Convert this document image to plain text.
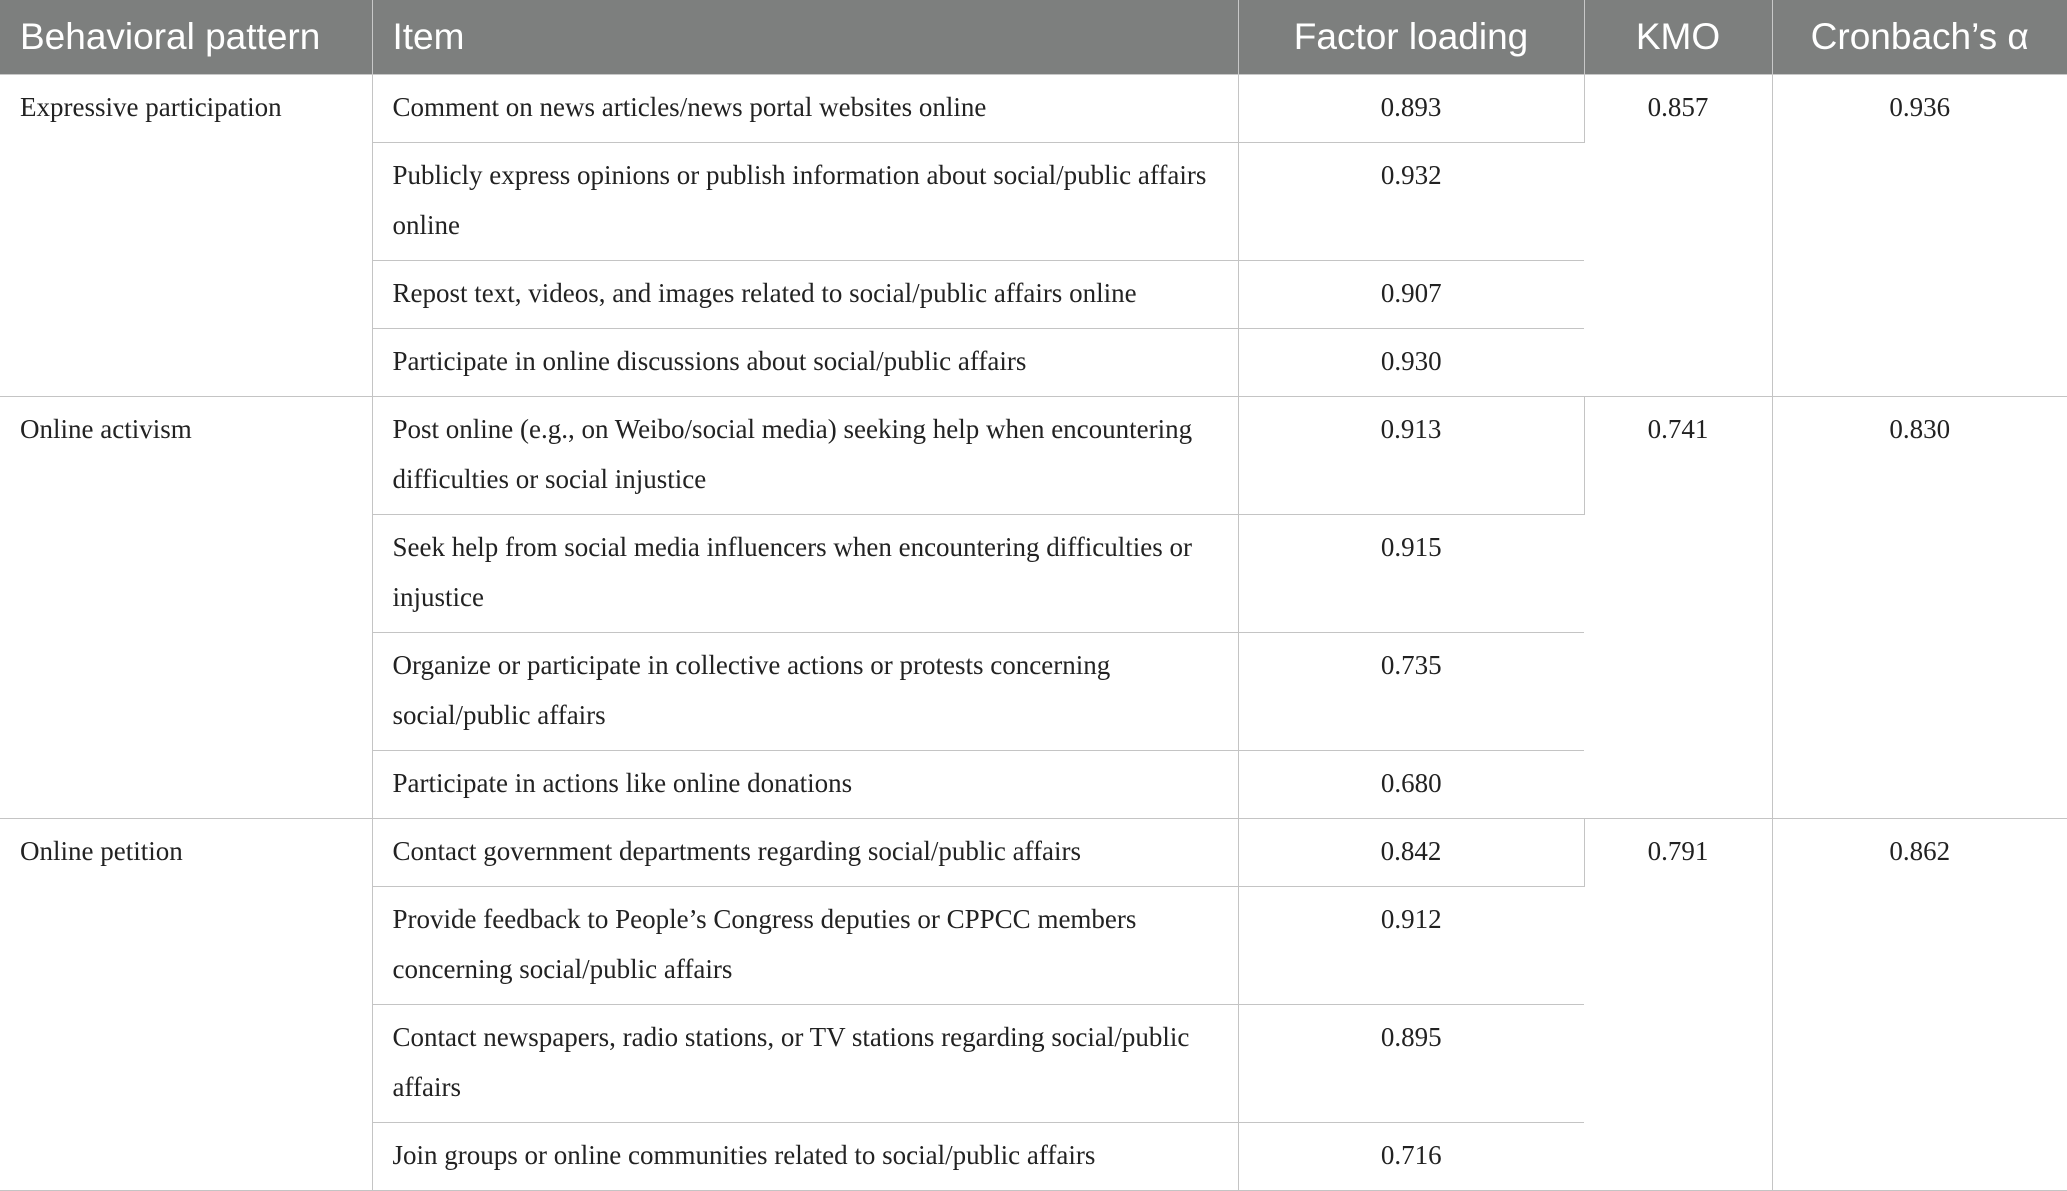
Behavioral pattern	Item	Factor loading	KMO	Cronbach’s α
Expressive participation	Comment on news articles/news portal websites online	0.893	0.857	0.936
	Publicly express opinions or publish information about social/public affairs online	0.932		
	Repost text, videos, and images related to social/public affairs online	0.907		
	Participate in online discussions about social/public affairs	0.930		
Online activism	Post online (e.g., on Weibo/social media) seeking help when encountering difficulties or social injustice	0.913	0.741	0.830
	Seek help from social media influencers when encountering difficulties or injustice	0.915		
	Organize or participate in collective actions or protests concerning social/public affairs	0.735		
	Participate in actions like online donations	0.680		
Online petition	Contact government departments regarding social/public affairs	0.842	0.791	0.862
	Provide feedback to People’s Congress deputies or CPPCC members concerning social/public affairs	0.912		
	Contact newspapers, radio stations, or TV stations regarding social/public affairs	0.895		
	Join groups or online communities related to social/public affairs	0.716		
